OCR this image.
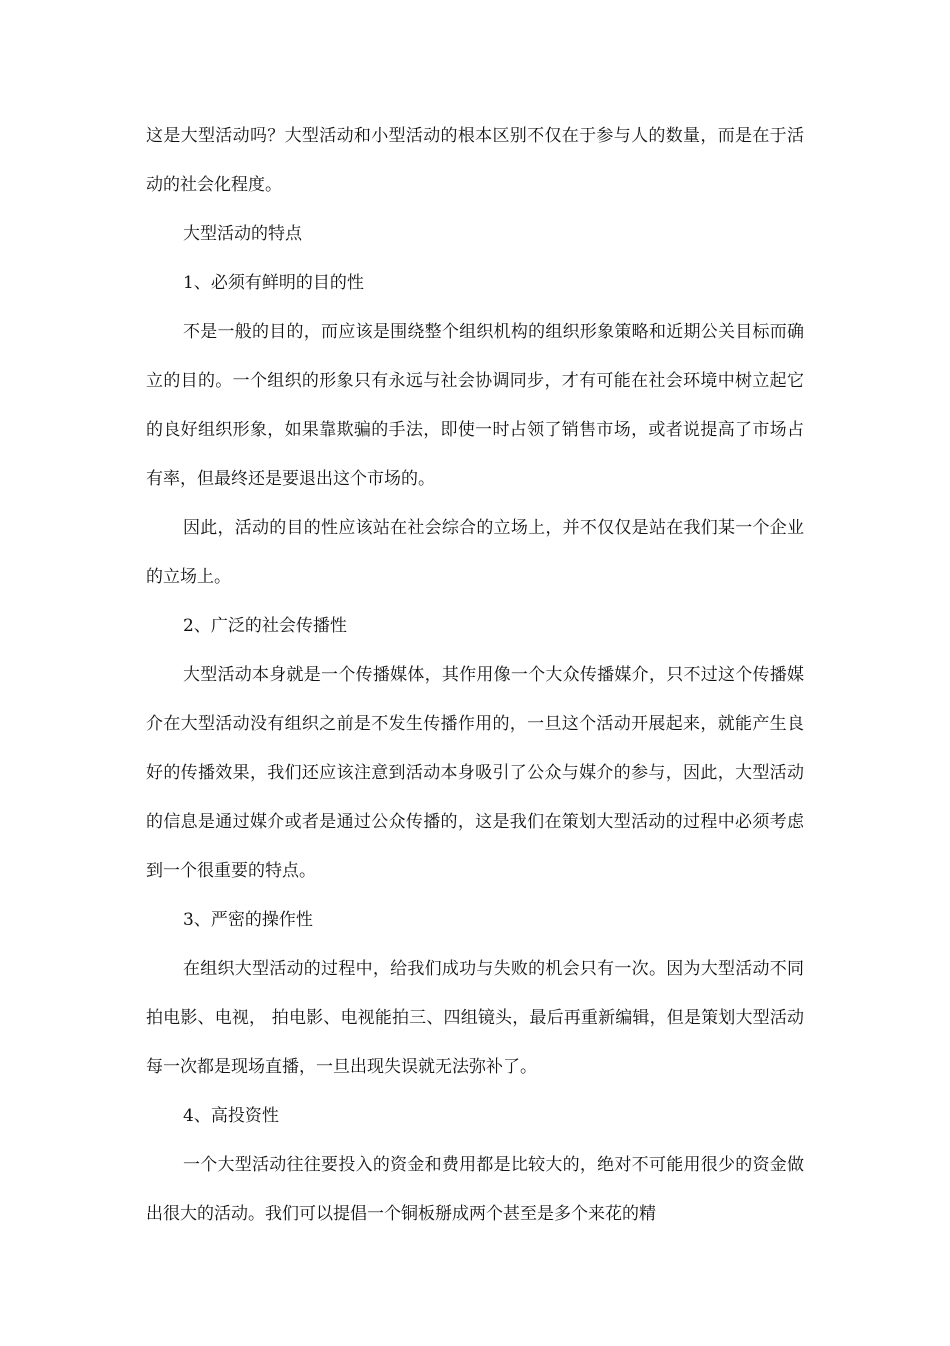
这是大型活动吗？大型活动和小型活动的根本区别不仅在于参与人的数量，而是在于活动的社会化程度。

大型活动的特点

1、必须有鲜明的目的性

不是一般的目的，而应该是围绕整个组织机构的组织形象策略和近期公关目标而确立的目的。一个组织的形象只有永远与社会协调同步，才有可能在社会环境中树立起它的良好组织形象，如果靠欺骗的手法，即使一时占领了销售市场，或者说提高了市场占有率，但最终还是要退出这个市场的。

因此，活动的目的性应该站在社会综合的立场上，并不仅仅是站在我们某一个企业的立场上。

2、广泛的社会传播性

大型活动本身就是一个传播媒体，其作用像一个大众传播媒介，只不过这个传播媒介在大型活动没有组织之前是不发生传播作用的，一旦这个活动开展起来，就能产生良好的传播效果，我们还应该注意到活动本身吸引了公众与媒介的参与，因此，大型活动的信息是通过媒介或者是通过公众传播的，这是我们在策划大型活动的过程中必须考虑到一个很重要的特点。

3、严密的操作性

在组织大型活动的过程中，给我们成功与失败的机会只有一次。因为大型活动不同拍电影、电视， 拍电影、电视能拍三、四组镜头，最后再重新编辑，但是策划大型活动每一次都是现场直播，一旦出现失误就无法弥补了。

4、高投资性

一个大型活动往往要投入的资金和费用都是比较大的，绝对不可能用很少的资金做出很大的活动。我们可以提倡一个铜板掰成两个甚至是多个来花的精
